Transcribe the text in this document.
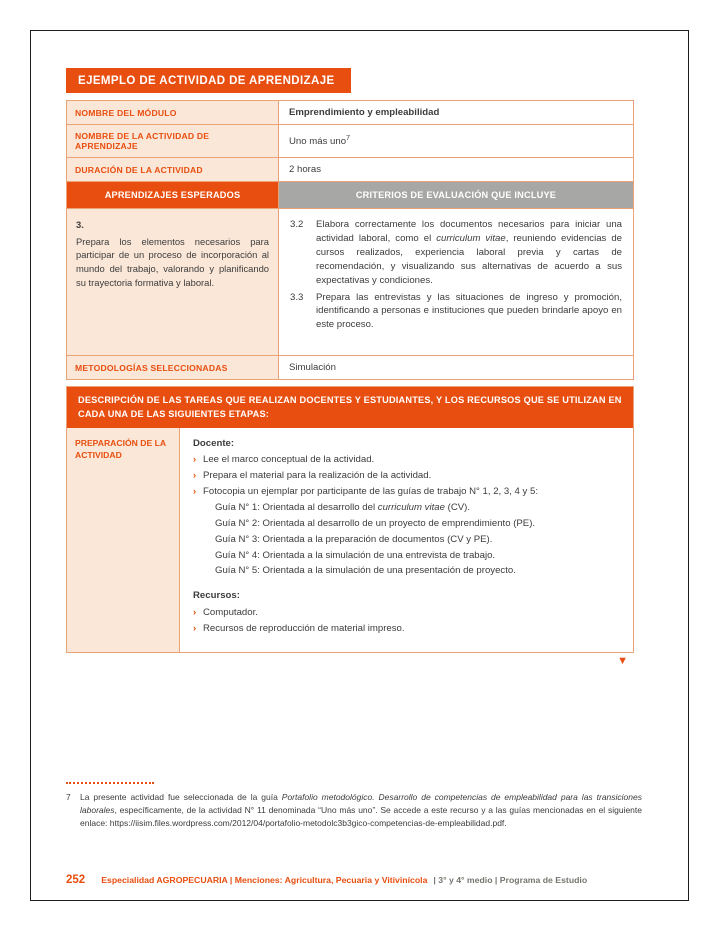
EJEMPLO DE ACTIVIDAD DE APRENDIZAJE
NOMBRE DEL MÓDULO	Emprendimiento y empleabilidad
NOMBRE DE LA ACTIVIDAD DE APRENDIZAJE	Uno más uno$^7$
DURACIÓN DE LA ACTIVIDAD	2 horas
APRENDIZAJES ESPERADOS	CRITERIOS DE EVALUACIÓN QUE INCLUYE
3.
Prepara los elementos necesarios para participar de un proceso de incorporación al mundo del trabajo, valorando y planificando su trayectoria formativa y laboral.
3.2	Elabora correctamente los documentos necesarios para iniciar una actividad laboral, como el curriculum vitae, reuniendo evidencias de cursos realizados, experiencia laboral previa y cartas de recomendación, y visualizando sus alternativas de acuerdo a sus expectativas y condiciones.
3.3	Prepara las entrevistas y las situaciones de ingreso y promoción, identificando a personas e instituciones que pueden brindarle apoyo en este proceso.
METODOLOGÍAS SELECCIONADAS	Simulación
DESCRIPCIÓN DE LAS TAREAS QUE REALIZAN DOCENTES Y ESTUDIANTES, Y LOS RECURSOS QUE SE UTILIZAN EN CADA UNA DE LAS SIGUIENTES ETAPAS:
PREPARACIÓN DE LA ACTIVIDAD

Docente:

› Lee el marco conceptual de la actividad.
› Prepara el material para la realización de la actividad.
› Fotocopia un ejemplar por participante de las guías de trabajo N° 1, 2, 3, 4 y 5:
Guía N° 1: Orientada al desarrollo del curriculum vitae (CV).
Guía N° 2: Orientada al desarrollo de un proyecto de emprendimiento (PE).
Guía N° 3: Orientada a la preparación de documentos (CV y PE).
Guía N° 4: Orientada a la simulación de una entrevista de trabajo.
Guía N° 5: Orientada a la simulación de una presentación de proyecto.

Recursos:

› Computador.
› Recursos de reproducción de material impreso.
▼
7	La presente actividad fue seleccionada de la guía Portafolio metodológico. Desarrollo de competencias de empleabilidad para las transiciones laborales, específicamente, de la actividad N° 11 denominada “Uno más uno”. Se accede a este recurso y a las guías mencionadas en el siguiente enlace: https://iisim.files.wordpress.com/2012/04/portafolio-metodolc3b3gico-competencias-de-empleabilidad.pdf.
252 Especialidad AGROPECUARIA | Menciones: Agricultura, Pecuaria y Vitivinícola | 3° y 4° medio | Programa de Estudio
